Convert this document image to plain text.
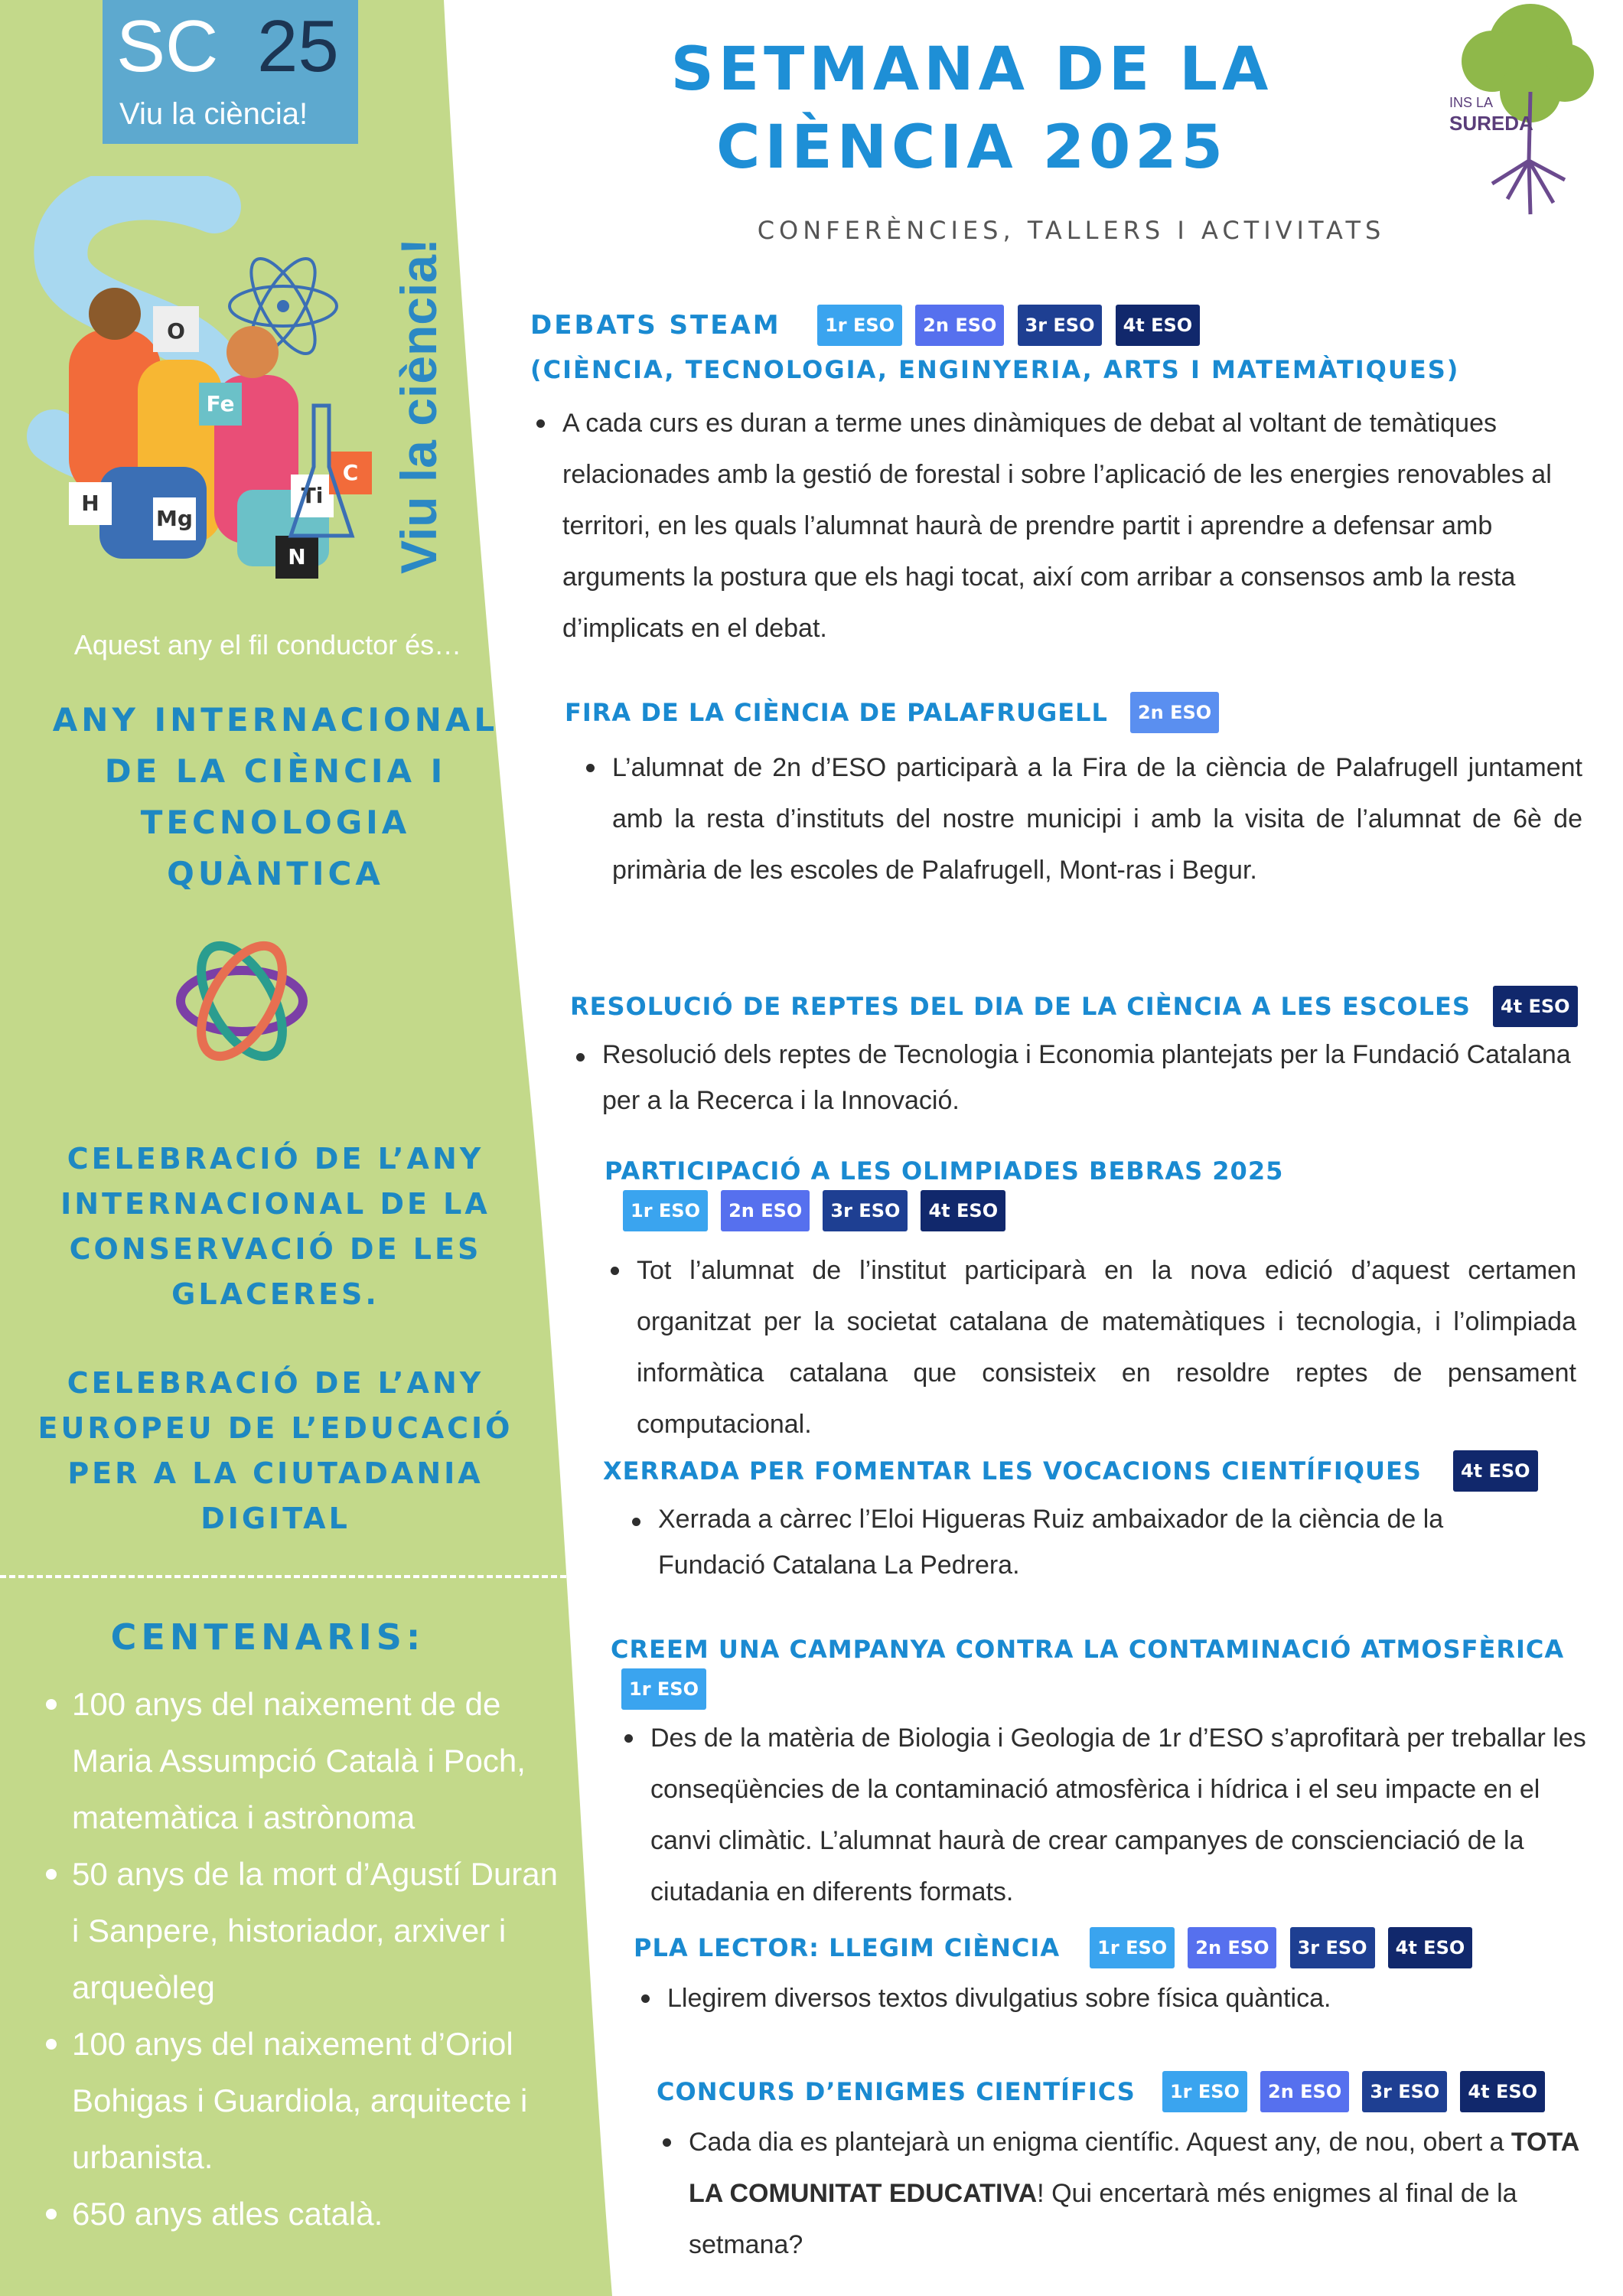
SC 25
Viu la ciència!
O
Fe
H	Ti
N
C
Mg	Viu la ciència!
Aquest any el fil conductor és…
ANY INTERNACIONAL
DE LA CIÈNCIA I
TECNOLOGIA
QUÀNTICA
CELEBRACIÓ DE L’ANY
INTERNACIONAL DE LA
CONSERVACIÓ DE LES
GLACERES.
CELEBRACIÓ DE L’ANY
EUROPEU DE L’EDUCACIÓ
PER A LA CIUTADANIA
DIGITAL
CENTENARIS:
100 anys del naixement de de Maria Assumpció Català i Poch, matemàtica i astrònoma
50 anys de la mort d’Agustí Duran i Sanpere, historiador, arxiver i arqueòleg
100 anys del naixement d’Oriol Bohigas i Guardiola, arquitecte i urbanista.
650 anys atles català.
SETMANA DE LA
CIÈNCIA 2025
CONFERÈNCIES, TALLERS I ACTIVITATS
INS LA
SUREDA
DEBATS STEAM 1r ESO 2n ESO 3r ESO 4t ESO
(CIÈNCIA, TECNOLOGIA, ENGINYERIA, ARTS I MATEMÀTIQUES)
A cada curs es duran a terme unes dinàmiques de debat al voltant de temàtiques relacionades amb la gestió de forestal i sobre l’aplicació de les energies renovables al territori, en les quals l’alumnat haurà de prendre partit i aprendre a defensar amb arguments la postura que els hagi tocat, així com arribar a consensos amb la resta d’implicats en el debat.
FIRA DE LA CIÈNCIA DE PALAFRUGELL 2n ESO
L’alumnat de 2n d’ESO participarà a la Fira de la ciència de Palafrugell juntament amb la resta d’instituts del nostre municipi i amb la visita de l’alumnat de 6è de primària de les escoles de Palafrugell, Mont-ras i Begur.
RESOLUCIÓ DE REPTES DEL DIA DE LA CIÈNCIA A LES ESCOLES 4t ESO
Resolució dels reptes de Tecnologia i Economia plantejats per la Fundació Catalana per a la Recerca i la Innovació.
PARTICIPACIÓ A LES OLIMPIADES BEBRAS 2025 1r ESO 2n ESO 3r ESO 4t ESO
Tot l’alumnat de l’institut participarà en la nova edició d’aquest certamen organitzat per la societat catalana de matemàtiques i tecnologia, i l’olimpiada informàtica catalana que consisteix en resoldre reptes de pensament computacional.
XERRADA PER FOMENTAR LES VOCACIONS CIENTÍFIQUES 4t ESO
Xerrada a càrrec l’Eloi Higueras Ruiz ambaixador de la ciència de la Fundació Catalana La Pedrera.
CREEM UNA CAMPANYA CONTRA LA CONTAMINACIÓ ATMOSFÈRICA 1r ESO
Des de la matèria de Biologia i Geologia de 1r d’ESO s’aprofitarà per treballar les conseqüències de la contaminació atmosfèrica i hídrica i el seu impacte en el canvi climàtic. L’alumnat haurà de crear campanyes de conscienciació de la ciutadania en diferents formats.
PLA LECTOR: LLEGIM CIÈNCIA 1r ESO 2n ESO 3r ESO 4t ESO
Llegirem diversos textos divulgatius sobre física quàntica.
CONCURS D’ENIGMES CIENTÍFICS 1r ESO 2n ESO 3r ESO 4t ESO
Cada dia es plantejarà un enigma científic. Aquest any, de nou, obert a TOTA LA COMUNITAT EDUCATIVA! Qui encertarà més enigmes al final de la setmana?
